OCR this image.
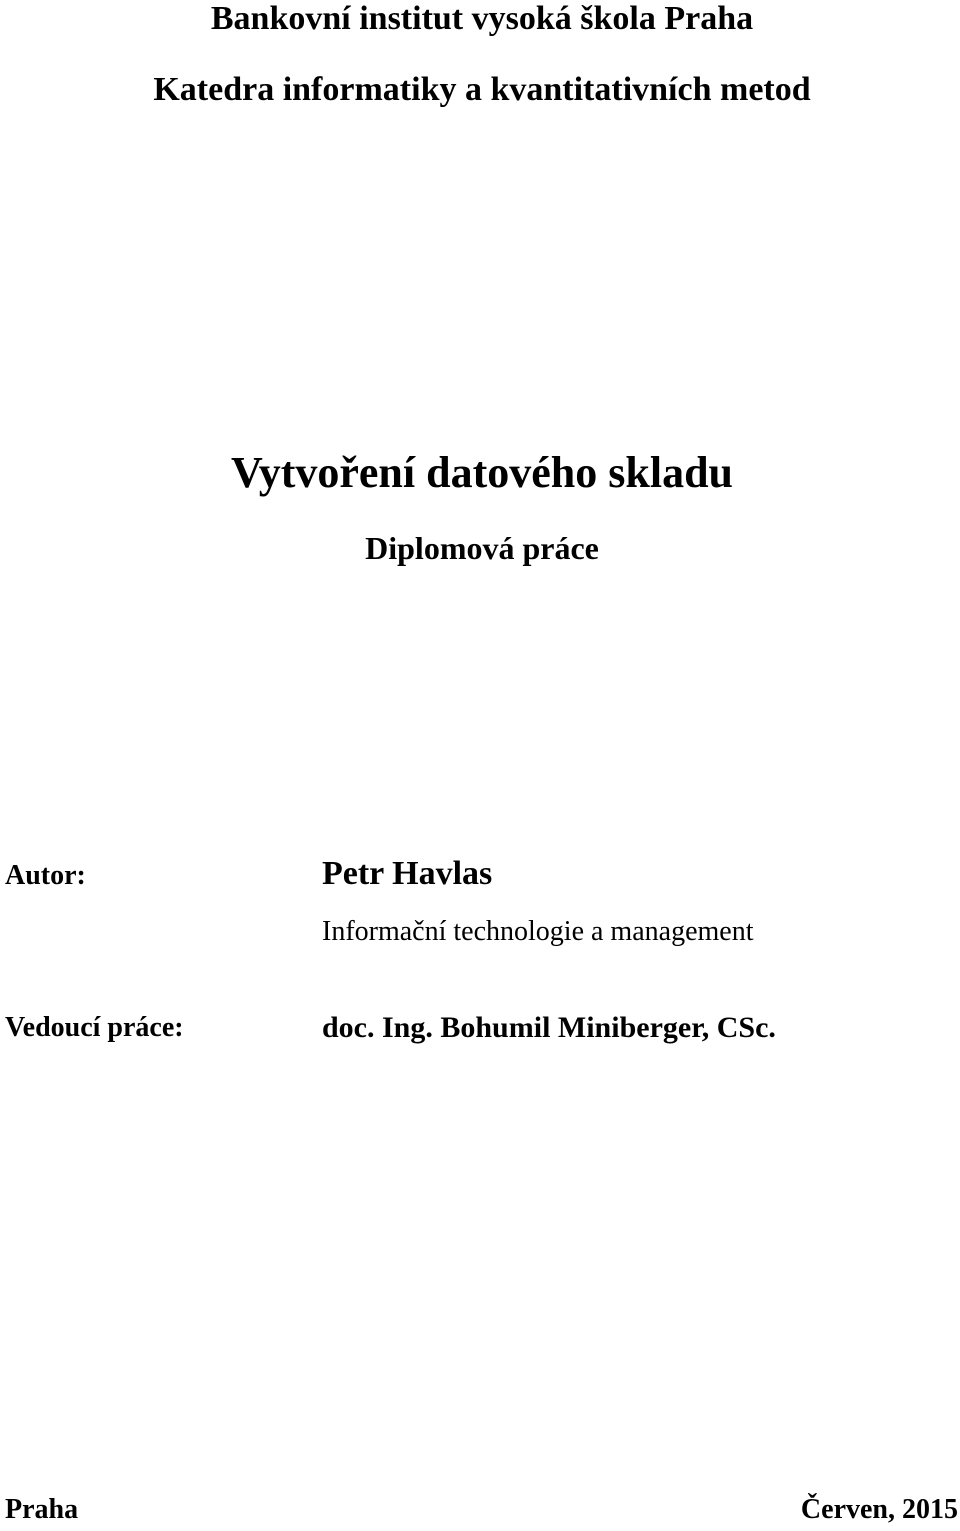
Bankovní institut vysoká škola Praha
Katedra informatiky a kvantitativních metod
Vytvoření datového skladu
Diplomová práce
Autor:	Petr Havlas
Informační technologie a management
Vedoucí práce:	doc. Ing. Bohumil Miniberger, CSc.
Praha	Červen, 2015
